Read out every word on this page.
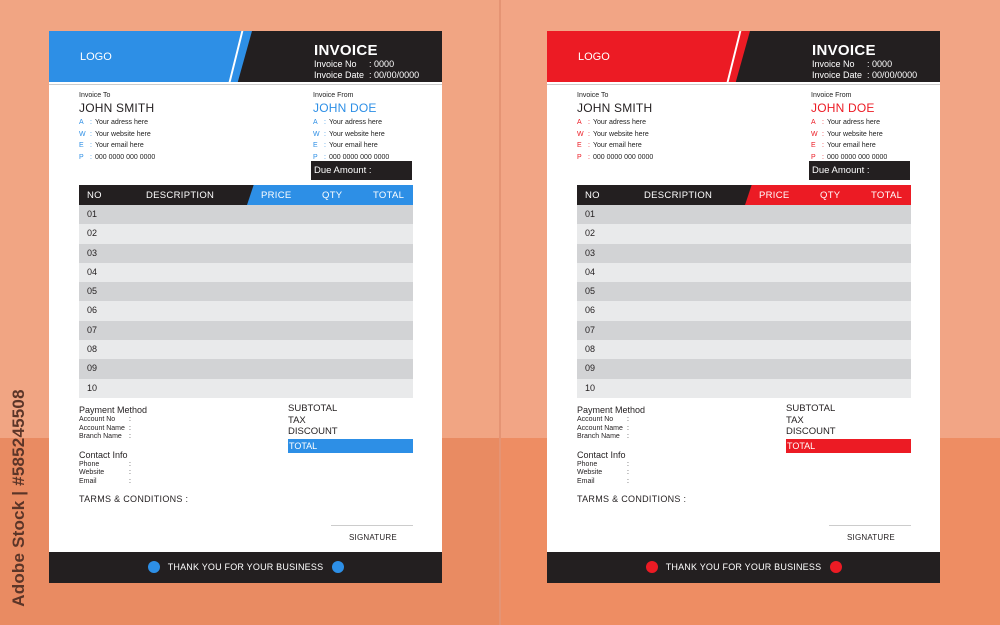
Adobe Stock | #585245508
LOGO	INVOICE
Invoice No : 0000
Invoice Date : 00/00/0000
Invoice To
JOHN SMITH
A : Your adress here
W : Your website here
E : Your email here
P : 000 0000 000 0000
Invoice From
JOHN DOE
A : Your adress here
W : Your website here
E : Your email here
P : 000 0000 000 0000
Due Amount :
NO	DESCRIPTION	PRICE	QTY	TOTAL
01
02
03
04
05
06
07
08
09
10
Payment Method
Account No :
Account Name :
Branch Name :
Contact Info
Phone	:
Website	:
Email	:
SUBTOTAL
TAX
DISCOUNT
TOTAL
TARMS & CONDITIONS :
SIGNATURE
THANK YOU FOR YOUR BUSINESS
LOGO	INVOICE
Invoice No : 0000
Invoice Date : 00/00/0000
Invoice To
JOHN SMITH
A : Your adress here
W : Your website here
E : Your email here
P : 000 0000 000 0000
Invoice From
JOHN DOE
A : Your adress here
W : Your website here
E : Your email here
P : 000 0000 000 0000
Due Amount :
NO	DESCRIPTION	PRICE	QTY	TOTAL
01
02
03
04
05
06
07
08
09
10
Payment Method
Account No :
Account Name :
Branch Name :
Contact Info
Phone	:
Website	:
Email	:
SUBTOTAL
TAX
DISCOUNT
TOTAL
TARMS & CONDITIONS :
SIGNATURE
THANK YOU FOR YOUR BUSINESS
